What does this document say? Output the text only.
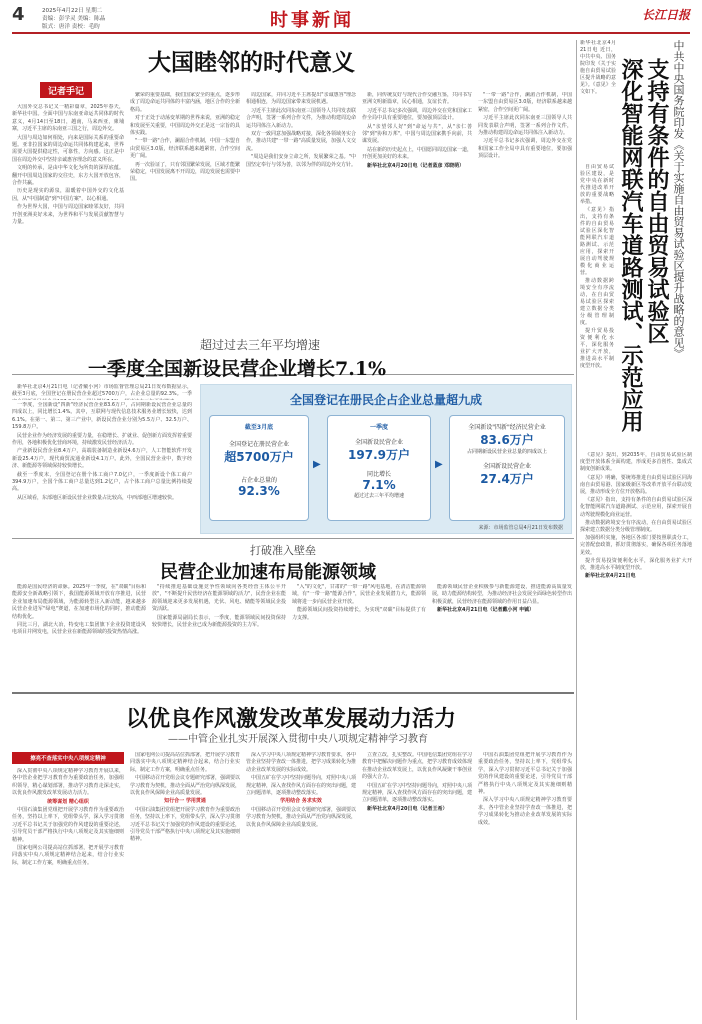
4	2025年4月22日 星期二
责编：彭学灵 美编：陈晶
版式：唐洋 责校：毛昀	时事新闻	长江日报
大国睦邻的时代意义
记者手记

大国外交总书记又一精彩篇章，2025年春天，新华社中国。全面中国与东南亚命运共同体的时代意义，4月14日至18日，越南，马来西亚，柬埔寨，习近平主席的东南亚三国之行，周边外交。

大国与周边如何相处，向来是国际关系的重要命题。亚非拉国家的周边命运共同体构建起来，世界需要大国提供稳定性，可靠性，方向感。这正是中国在周边外交中坚持亲诚惠容理念的意义所在。

文明的传承，是由中华文化为所贵的深厚底蕴。翻开中国周边国家的交往史，东方大国开放包容，合作共赢。

历史是现实的源泉，温暖着中国外交的文化基因，从"中国制造"到"中国方案"，以心相通。

作为世界大国，中国与周边国家睦邻友好，共同开创亚洲美好未来，为世界和平与发展贡献智慧与力量。

繁荣的重要基础，我们国家安全的重点，逐步形成了周边命运共同体的丰富内涵，地区合作的全新格局。

对于正处于动荡变革期的世界来说，亚洲的稳定和发展至关重要，中国周边外交正是这一宗旨的具体实践。

"一带一路"合作，澜湄合作机制，中国一东盟自由贸易区3.0版，经济联系越来越紧密，合作空间更广阔。

再一次验证了，只有邻国繁荣发展，区域才能繁荣稳定，中国发展离不开周边，周边发展也需要中国。

周边国家，并同习近平主席提出"亲诚惠容"理念相通相连，为周边国家带来发展机遇。

习近平主席此次同东南亚三国领导人共同发表联合声明，签署一系列合作文件，为推动构建周边命运共同体注入新动力。

双方一致同意加强战略对接，深化各领域务实合作，推动共建"一带一路"高质量发展，加强人文交流。

"周边是我们安身立命之所，发展繁荣之基。"中国坚定奉行与邻为善，以邻为伴的周边外交方针。

新，同传统友好与现代合作交融互鉴，共同书写亚洲文明新篇章，民心相通，友谊长青。

习近平总书记多次强调，周边外交在党和国家工作全局中具有重要地位，要加强顶层设计。

从"亲望邻人好"到"命运与共"，从"亲仁善邻"到"协和万邦"，中国与周边国家携手向前，共谋发展。

站在新的历史起点上，中国愿同周边国家一道，开创更加美好的未来。

新华社北京4月20日电（记者蓝彦 邓晓萌）

"一带一路"合作，澜湄合作机制，中国一东盟自由贸易区3.0版，经济联系越来越紧密，合作空间更广阔。

习近平主席此次同东南亚三国领导人共同发表联合声明，签署一系列合作文件，为推动构建周边命运共同体注入新动力。

习近平总书记多次强调，周边外交在党和国家工作全局中具有重要地位，要加强顶层设计。

超过过去三年平均增速
一季度全国新设民营企业增长7.1%

新华社北京4月21日电（记者戴小河）市场监督管理总局21日发布数据显示，截至3月底，全国登记在册民营企业超过5700万户，占企业总量的92.3%。一季	全国登记在册民企占企业总量超九成
截至3月底
全国登记在册民营企业
超5700万户
占企业总量的
92.3%
▶
一季度
全国新设民营企业
197.9万户
同比增长
7.1%
超过过去三年平均增速
▶
全国新设"四新"经济民营企业
83.6万户
占同期新设民营企业总量的四成以上
全国新设民营企业
27.4万户
来源：市场监管总局4月21日发布数据

一季度，全国新设"四新"经济民营企业83.6万户，占同期新设民营企业总量的四成以上，同比增长1.4%。其中，互联网与现代信息技术服务业增长较快，达到6.1%。在第一、第二、第三产业中，新设民营企业分别为5.5万户、32.5万户、159.8万户。

民营企业作为经济发展的重要力量，在稳增长、扩就业、促创新方面发挥着重要作用，各地积极优化营商环境，持续激发民营经济活力。

产业新设民营企业8.4万户，高端装备制造业新设4.6万户，人工智能软件开发新设25.4万户，现代商贸流通业新设4.1万户。此外，全国民营企业中，数字经济、新能源等领域保持较快增长。

截至一季度末，全国登记在册个体工商户7.0亿户，一季度新设个体工商户394.9万户，全国个体工商户总量达到1.2亿户，占个体工商户总量比例持续提高。

从区域看，东部地区新设民营企业数量占比较高，中西部地区增速较快。

打破准入壁垒
民营企业加速布局能源领域

能源是国民经济的命脉。2025年一季度，在"双碳"目标和能源安全新战略引领下，我国能源领域开放有序推进，民营企业加速布局能源领域，为能源转型注入新动能，越来越多民营企业进军"绿电"赛道，在加速市场化的同时，推动能源结构优化。

同比三月，湖北大冶，特变电工集团旗下企业投资建设风电项目并网发电，民营企业在新能源领域的投资热情高涨。

"持续推进基础设施竞争性领域向各类经营主体公平开放"，"不断提升民营经济在能源领域的活力"，民营企业在能源领域迎来更多发展机遇，光伏、风电、储能等领域民企投资活跃。

国家能源局副局长表示，一季度，能源领域民间投资保持较快增长，民营企业已成为新能源投资的主力军。

"入"的文化"，甘肃的"一带一路"风电基地，在清洁能源领域，有"一带一路"能源合作"，民营企业发展潜力大，能源领域将进一步向民营企业开放。

能源领域民间投资持续增长，为实现"双碳"目标提供了有力支撑。

能源领域民营企业积极参与新能源建设，推进能源高质量发展，助力能源结构转型，为推动经济社会发展全面绿色转型作出积极贡献，民营经济在能源领域的作用日益凸显。

新华社北京4月21日电（记者戴小河 申铖）

以优良作风激发改革发展动力活力
——中管企业扎实开展深入贯彻中央八项规定精神学习教育
擦亮不查落实中央八项规定精神

深入贯彻中央八项规定精神学习教育开展以来，各中管企业把学习教育作为重要政治任务，加强组织领导，精心谋划部署，推动学习教育走深走实，以优良作风激发改革发展动力活力。

统筹谋划 精心组织

中国石油集团党组把开展学习教育作为重要政治任务，坚持以上率下，党组带头学，深入学习贯彻习近平总书记关于加强党的作风建设的重要论述，引导党员干部严格执行中央八项规定及其实施细则精神。

国家电网公司提高站位抓部署，把开展学习教育同落实中央八项规定精神结合起来，结合行业实际，制定工作方案，明确重点任务。

国家电网公司提高站位抓部署，把开展学习教育同落实中央八项规定精神结合起来，结合行业实际，制定工作方案，明确重点任务。

中国移动召开党组会议专题研究部署，强调要以学习教育为契机，推动全面从严治党向纵深发展，以优良作风保障企业高质量发展。

知行合一 学用贯通

中国石油集团党组把开展学习教育作为重要政治任务，坚持以上率下，党组带头学，深入学习贯彻习近平总书记关于加强党的作风建设的重要论述，引导党员干部严格执行中央八项规定及其实施细则精神。

深入学习中央八项规定精神学习教育要求，各中管企业坚持学查改一体推进，把学习成果转化为推动企业改革发展的实际成效。

中国五矿在学习中坚持问题导向，对照中央八项规定精神，深入查找作风方面存在的突出问题，建立问题清单，逐项推动整改落实。

学用结合 务求实效

中国移动召开党组会议专题研究部署，强调要以学习教育为契机，推动全面从严治党向纵深发展，以优良作风保障企业高质量发展。

立查立改，扎实整改。中国电信集团党组在学习教育中把解决问题作为重点，把学习教育成效体现在推动企业改革发展上，以优良作风凝聚干事创业的强大合力。

中国五矿在学习中坚持问题导向，对照中央八项规定精神，深入查找作风方面存在的突出问题，建立问题清单，逐项推动整改落实。

新华社北京4月20日电（记者王希）

中国石油集团党组把开展学习教育作为重要政治任务，坚持以上率下，党组带头学，深入学习贯彻习近平总书记关于加强党的作风建设的重要论述，引导党员干部严格执行中央八项规定及其实施细则精神。

深入学习中央八项规定精神学习教育要求，各中管企业坚持学查改一体推进，把学习成果转化为推动企业改革发展的实际成效。

新华社北京4月21日电 近日，中共中央、国务院印发《关于实施自由贸易试验区提升战略的意见》。《意见》全文如下。	中共中央国务院印发《关于实施自由贸易试验区提升战略的意见》
支持有条件的自由贸易试验区
深化智能网联汽车道路测试、示范应用

自由贸易试验区建设，是党中央在新时代推进改革开放的重要战略举措。

《意见》指出，支持有条件的自由贸易试验区深化智能网联汽车道路测试、示范应用，探索开展自动驾驶规模化商业运营。

推动数据跨境安全有序流动，在自由贸易试验区探索建立数据分类分级管理制度。

提升贸易投资便利化水平，深化服务业扩大开放，推进高水平制度型开放。

《意见》提出，到2035年，自由贸易试验区制度型开放体系全面构建，形成更多首创性、集成式制度创新成果。

《意见》明确，要统筹推进自由贸易试验区同海南自由贸易港、国家级新区等改革开放平台联动发展，推动形成全方位开放格局。

《意见》指出，支持有条件的自由贸易试验区深化智能网联汽车道路测试、示范应用，探索开展自动驾驶规模化商业运营。

推动数据跨境安全有序流动，在自由贸易试验区探索建立数据分类分级管理制度。

加强组织实施，各地区各部门要按照职责分工，完善配套政策，抓好贯彻落实，确保各项任务落地见效。

提升贸易投资便利化水平，深化服务业扩大开放，推进高水平制度型开放。

新华社北京4月21日电
